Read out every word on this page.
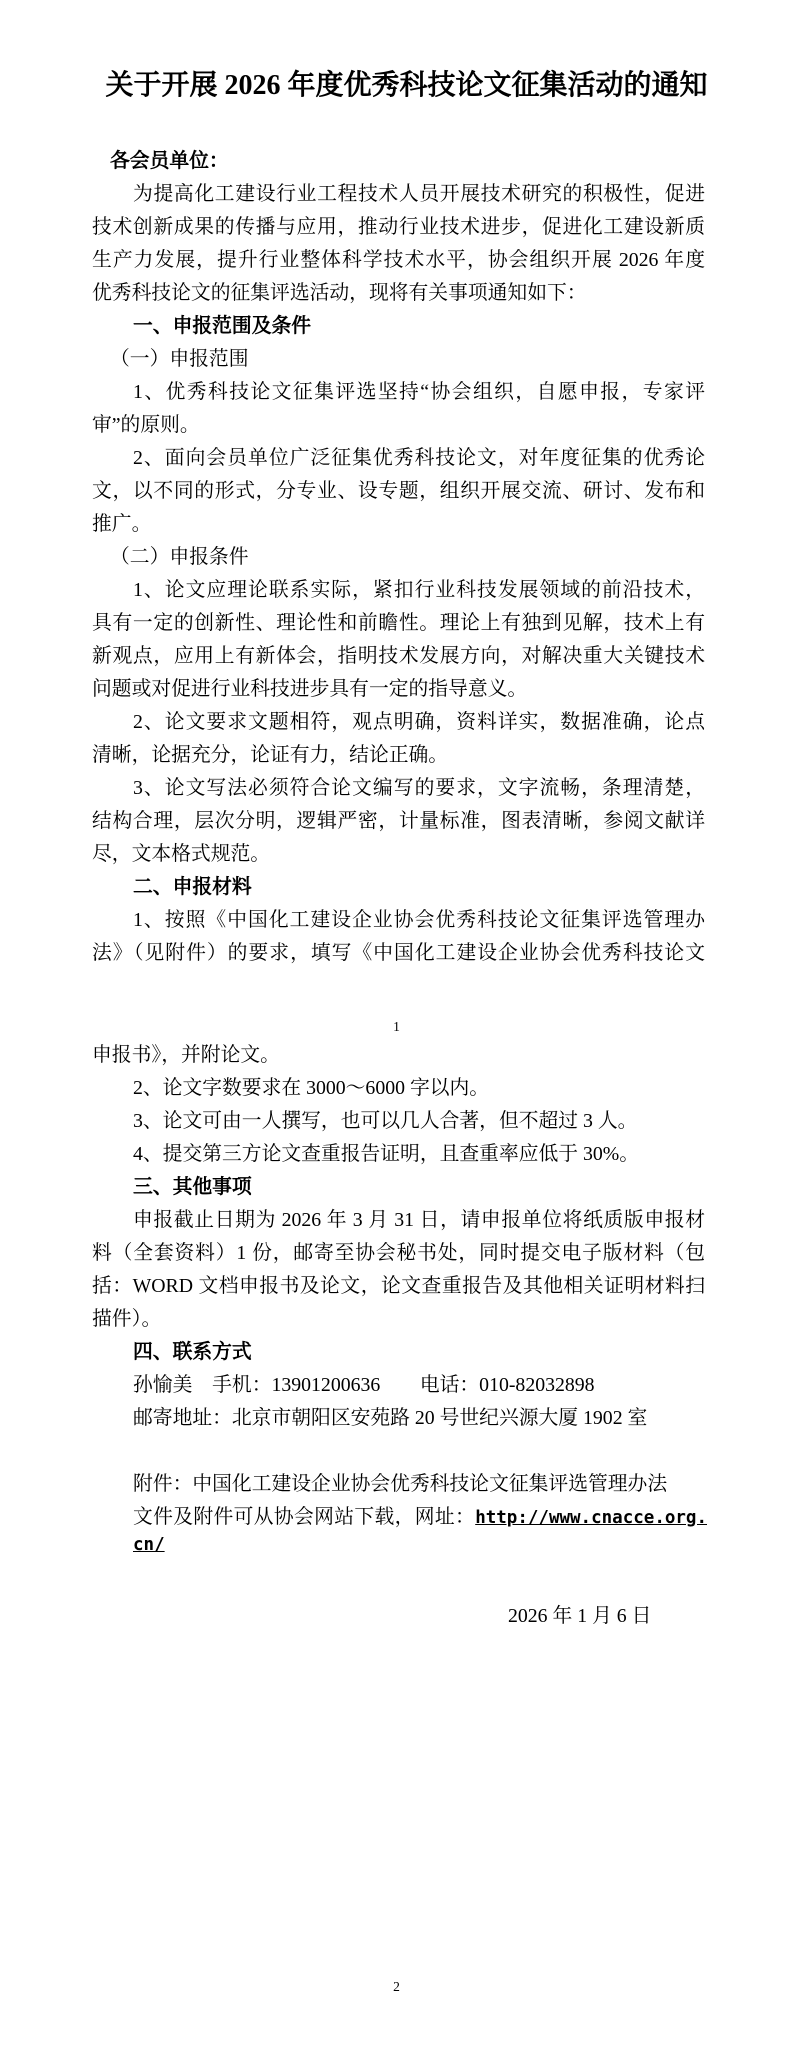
关于开展 2026 年度优秀科技论文征集活动的通知
各会员单位：
为提高化工建设行业工程技术人员开展技术研究的积极性，促进
技术创新成果的传播与应用，推动行业技术进步，促进化工建设新质
生产力发展，提升行业整体科学技术水平，协会组织开展 2026 年度
优秀科技论文的征集评选活动，现将有关事项通知如下：
一、申报范围及条件
（一）申报范围
1、优秀科技论文征集评选坚持“协会组织，自愿申报，专家评
审”的原则。
2、面向会员单位广泛征集优秀科技论文，对年度征集的优秀论
文，以不同的形式，分专业、设专题，组织开展交流、研讨、发布和
推广。
（二）申报条件
1、论文应理论联系实际，紧扣行业科技发展领域的前沿技术，
具有一定的创新性、理论性和前瞻性。理论上有独到见解，技术上有
新观点，应用上有新体会，指明技术发展方向，对解决重大关键技术
问题或对促进行业科技进步具有一定的指导意义。
2、论文要求文题相符，观点明确，资料详实，数据准确，论点
清晰，论据充分，论证有力，结论正确。
3、论文写法必须符合论文编写的要求，文字流畅，条理清楚，
结构合理，层次分明，逻辑严密，计量标准，图表清晰，参阅文献详
尽，文本格式规范。
二、申报材料
1、按照《中国化工建设企业协会优秀科技论文征集评选管理办
法》（见附件）的要求，填写《中国化工建设企业协会优秀科技论文
1
申报书》，并附论文。
2、论文字数要求在 3000～6000 字以内。
3、论文可由一人撰写，也可以几人合著，但不超过 3 人。
4、提交第三方论文查重报告证明，且查重率应低于 30%。
三、其他事项
申报截止日期为 2026 年 3 月 31 日，请申报单位将纸质版申报材
料（全套资料）1 份，邮寄至协会秘书处，同时提交电子版材料（包
括：WORD 文档申报书及论文，论文查重报告及其他相关证明材料扫
描件）。
四、联系方式
孙愉美　手机：13901200636　　电话：010-82032898
邮寄地址：北京市朝阳区安苑路 20 号世纪兴源大厦 1902 室
附件：中国化工建设企业协会优秀科技论文征集评选管理办法
文件及附件可从协会网站下载，网址：http://www.cnacce.org.cn/
2026 年 1 月 6 日
2
